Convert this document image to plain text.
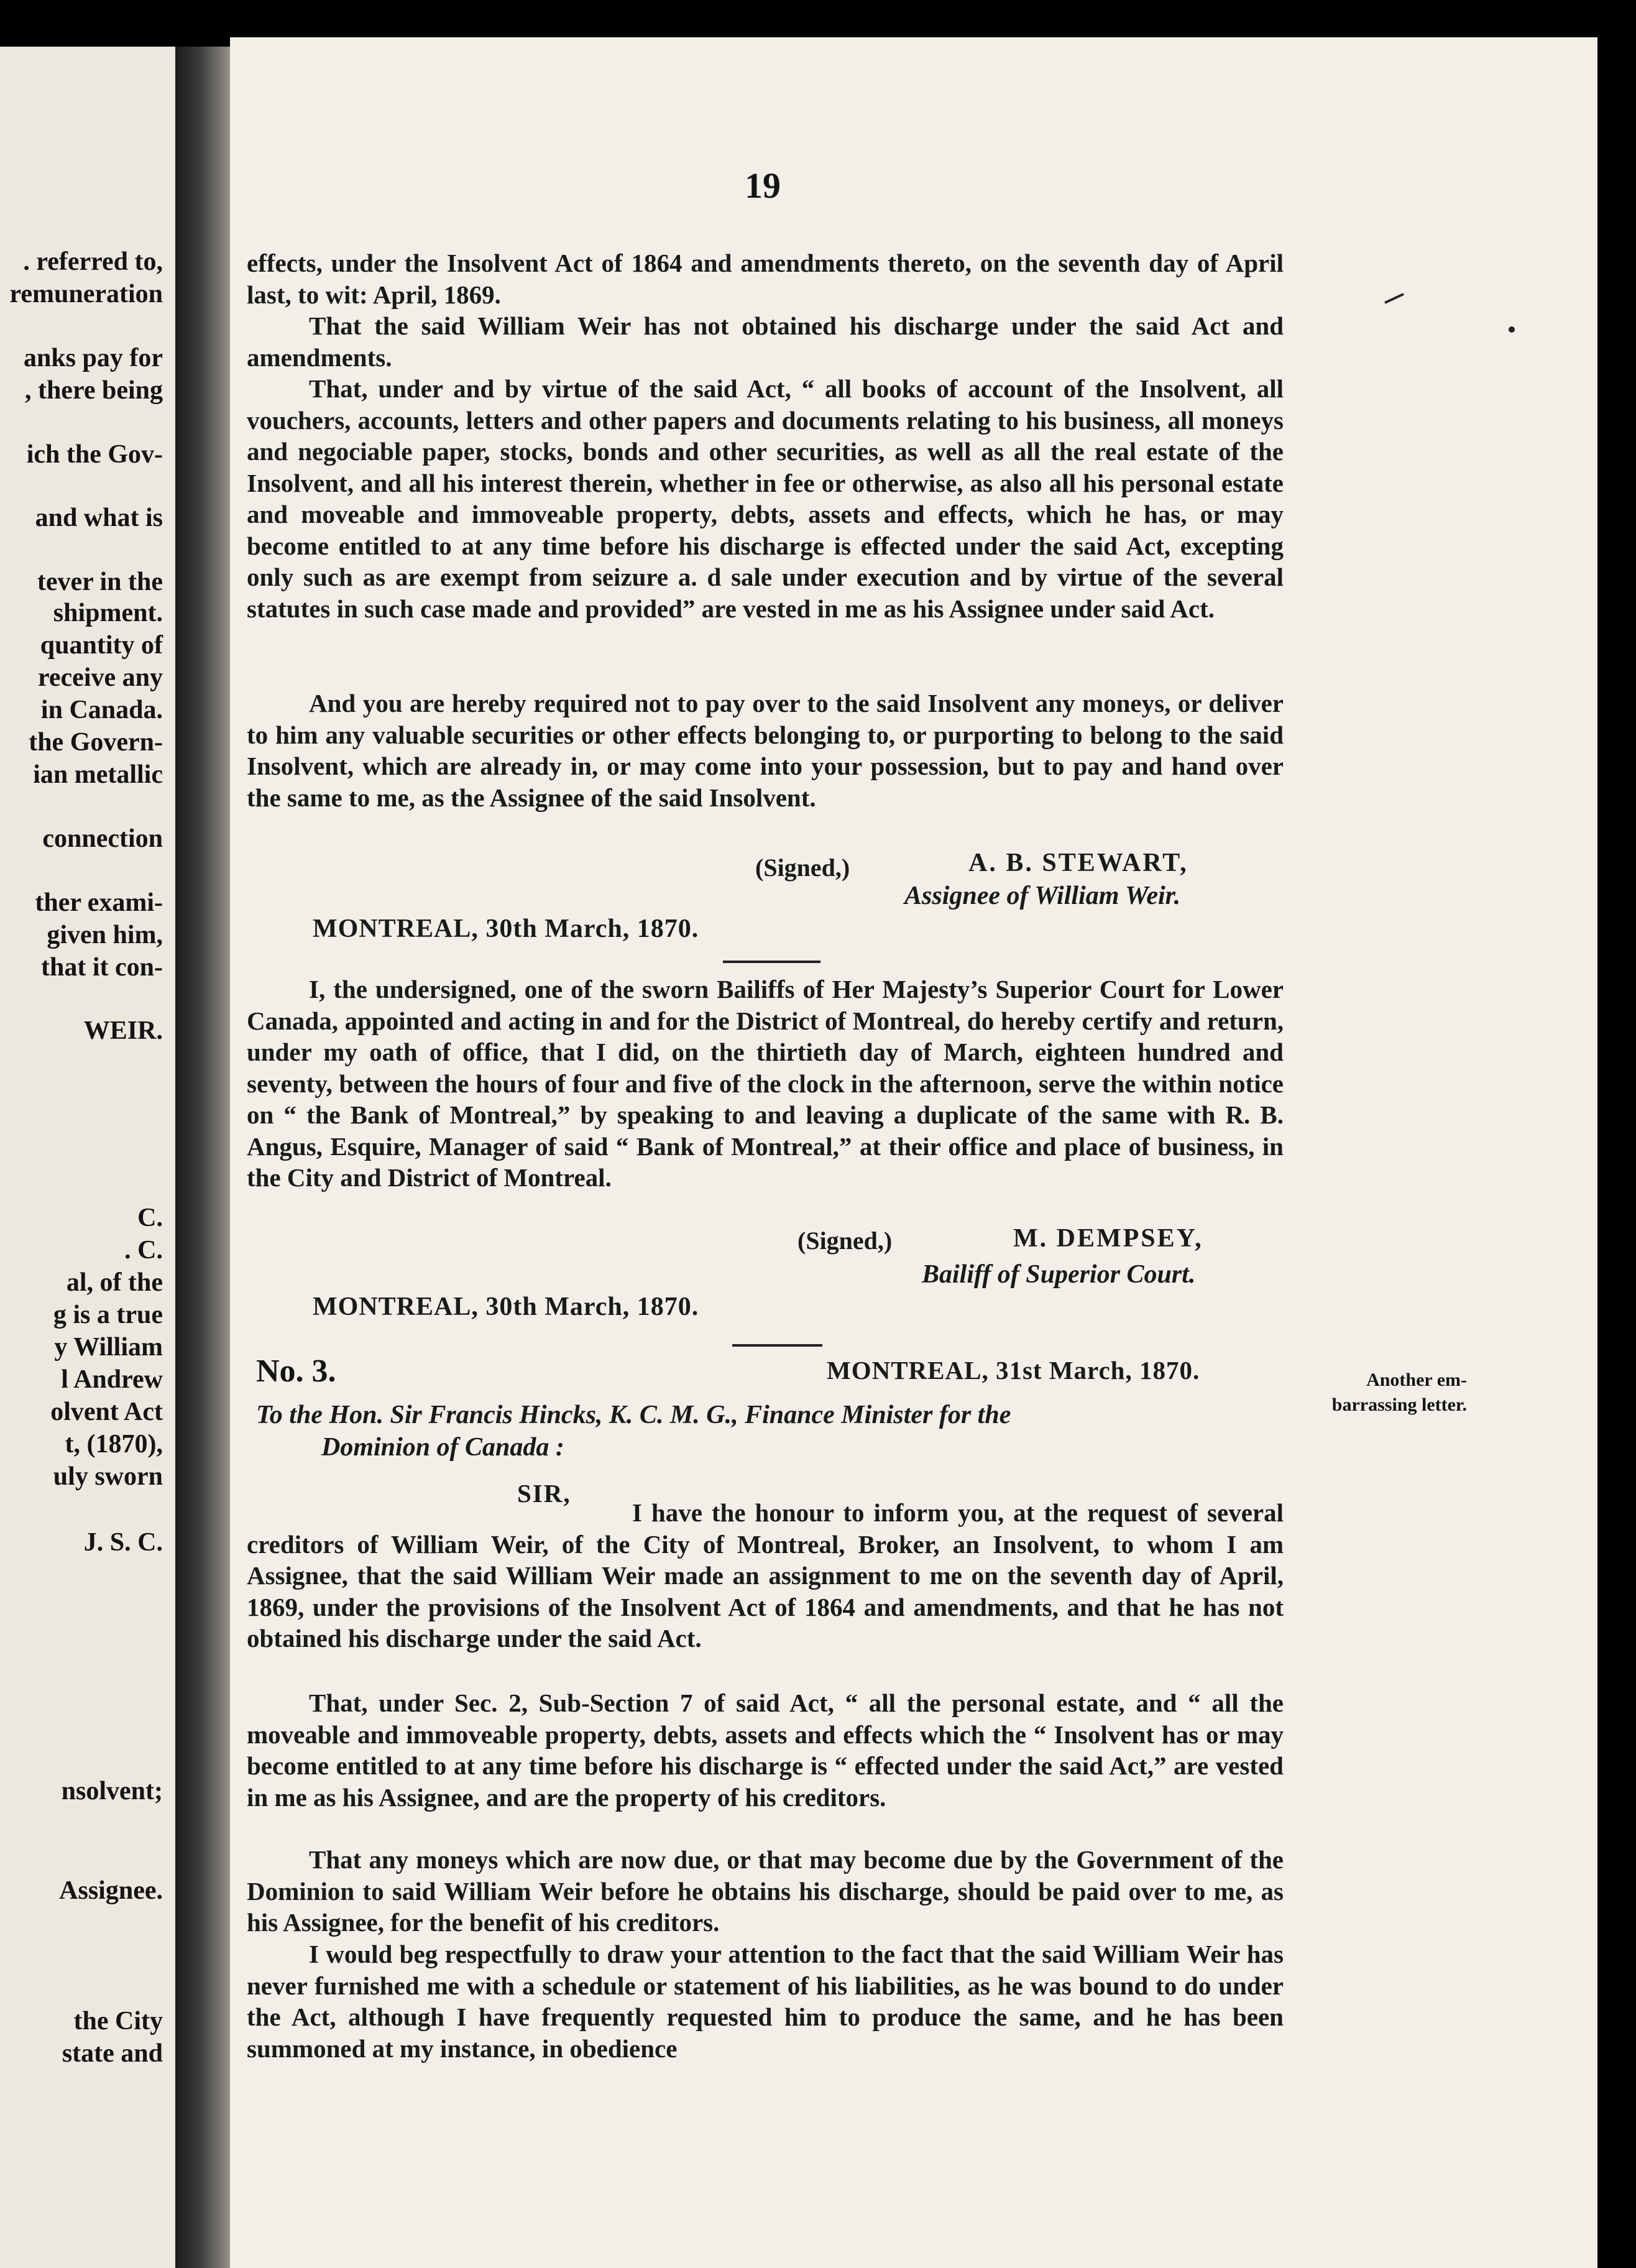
19

effects, under the Insolvent Act of 1864 and amendments thereto, on the seventh day of April last, to wit: April, 1869.

That the said William Weir has not obtained his discharge under the said Act and amendments.

That, under and by virtue of the said Act, “ all books of account of the Insolvent, all vouchers, accounts, letters and other papers and documents relating to his business, all moneys and negociable paper, stocks, bonds and other securities, as well as all the real estate of the Insolvent, and all his interest therein, whether in fee or otherwise, as also all his personal estate and moveable and immoveable property, debts, assets and effects, which he has, or may become entitled to at any time before his discharge is effected under the said Act, excepting only such as are exempt from seizure a. d sale under execution and by virtue of the several statutes in such case made and provided” are vested in me as his Assignee under said Act.

And you are hereby required not to pay over to the said Insolvent any moneys, or deliver to him any valuable securities or other effects belonging to, or purporting to belong to the said Insolvent, which are already in, or may come into your possession, but to pay and hand over the same to me, as the Assignee of the said Insolvent.

(Signed,)	A. B. STEWART,
Assignee of William Weir.
MONTREAL, 30th March, 1870.

I, the undersigned, one of the sworn Bailiffs of Her Majesty’s Superior Court for Lower Canada, appointed and acting in and for the District of Montreal, do hereby certify and return, under my oath of office, that I did, on the thirtieth day of March, eighteen hundred and seventy, between the hours of four and five of the clock in the afternoon, serve the within notice on “ the Bank of Montreal,” by speaking to and leaving a duplicate of the same with R. B. Angus, Esquire, Manager of said “ Bank of Montreal,” at their office and place of business, in the City and District of Montreal.

(Signed,)	M. DEMPSEY,
Bailiff of Superior Court.
MONTREAL, 30th March, 1870.
No. 3.	MONTREAL, 31st March, 1870.	Another em-
barrassing letter.

To the Hon. Sir Francis Hincks, K. C. M. G., Finance Minister for the
Dominion of Canada :

SIR,

I have the honour to inform you, at the request of several creditors of William Weir, of the City of Montreal, Broker, an Insolvent, to whom I am Assignee, that the said William Weir made an assignment to me on the seventh day of April, 1869, under the provisions of the Insolvent Act of 1864 and amendments, and that he has not obtained his discharge under the said Act.

That, under Sec. 2, Sub-Section 7 of said Act, “ all the personal estate, and “ all the moveable and immoveable property, debts, assets and effects which the “ Insolvent has or may become entitled to at any time before his discharge is “ effected under the said Act,” are vested in me as his Assignee, and are the property of his creditors.

That any moneys which are now due, or that may become due by the Government of the Dominion to said William Weir before he obtains his discharge, should be paid over to me, as his Assignee, for the benefit of his creditors.

I would beg respectfully to draw your attention to the fact that the said William Weir has never furnished me with a schedule or statement of his liabilities, as he was bound to do under the Act, although I have frequently requested him to produce the same, and he has been summoned at my instance, in obedience

. referred to,
remuneration
anks pay for
, there being
ich the Gov-
and what is
tever in the
shipment.
quantity of
receive any
in Canada.
the Govern-
ian metallic
connection
ther exami-
given him,
that it con-
WEIR.
C.
. C.
al, of the
g is a true
y William
l Andrew
olvent Act
t, (1870),
uly sworn
J. S. C.
nsolvent;
Assignee.
the City
state and
